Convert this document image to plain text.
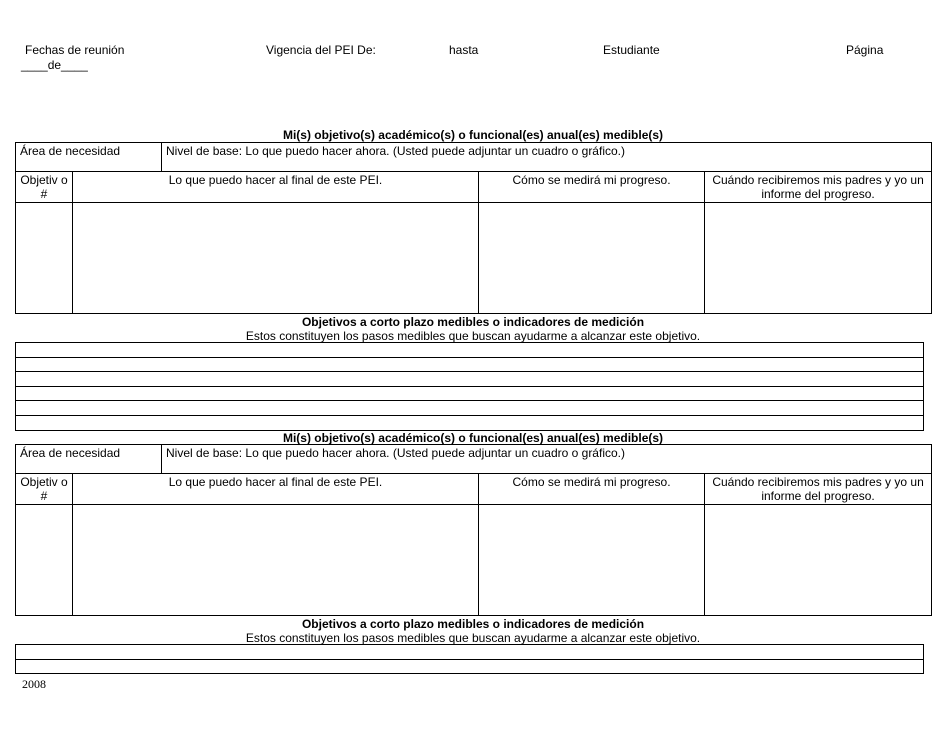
Fechas de reunión
____de____
Vigencia del PEI De:	hasta	Estudiante	Página
Mi(s) objetivo(s) académico(s) o funcional(es) anual(es) medible(s)
Área de necesidad		Nivel de base: Lo que puedo hacer ahora. (Usted puede adjuntar un cuadro o gráfico.)		
Objetiv o #	Lo que puedo hacer al final de este PEI.		Cómo se medirá mi progreso.	Cuándo recibiremos mis padres y yo un informe del progreso.

Objetivos a corto plazo medibles o indicadores de medición
Estos constituyen los pasos medibles que buscan ayudarme a alcanzar este objetivo.

Mi(s) objetivo(s) académico(s) o funcional(es) anual(es) medible(s)
Área de necesidad		Nivel de base: Lo que puedo hacer ahora. (Usted puede adjuntar un cuadro o gráfico.)		
Objetiv o #	Lo que puedo hacer al final de este PEI.		Cómo se medirá mi progreso.	Cuándo recibiremos mis padres y yo un informe del progreso.

Objetivos a corto plazo medibles o indicadores de medición
Estos constituyen los pasos medibles que buscan ayudarme a alcanzar este objetivo.

2008
